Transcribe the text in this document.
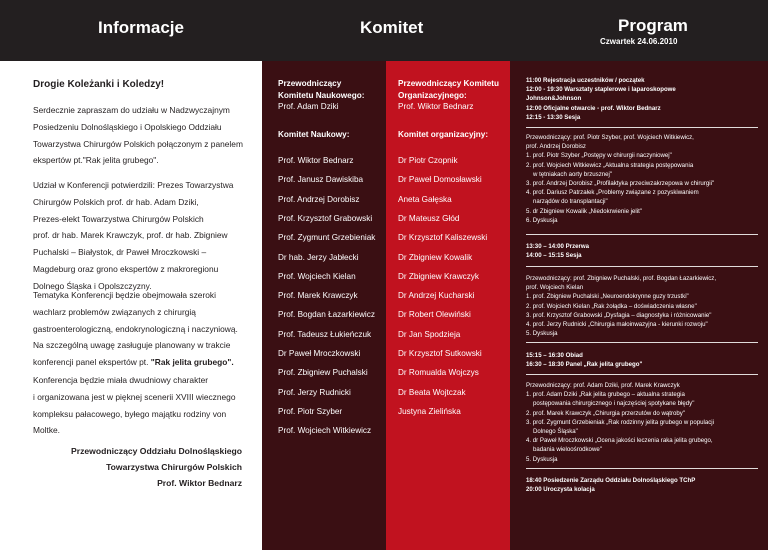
Informacje	Komitet	Program
Czwartek 24.06.2010
Drogie Koleżanki i Koledzy!
Serdecznie zapraszam do udziału w Nadzwyczajnym
Posiedzeniu Dolnośląskiego i Opolskiego Oddziału
Towarzystwa Chirurgów Polskich połączonym z panelem
ekspertów pt."Rak jelita grubego".
Udział w Konferencji potwierdzili: Prezes Towarzystwa
Chirurgów Polskich prof. dr hab. Adam Dziki,
Prezes-elekt Towarzystwa Chirurgów Polskich
prof. dr hab. Marek Krawczyk, prof. dr hab. Zbigniew
Puchalski – Białystok, dr Paweł Mroczkowski –
Magdeburg oraz grono ekspertów z makroregionu
Dolnego Śląska i Opolszczyzny.
Tematyka Konferencji będzie obejmowała szeroki
wachlarz problemów związanych z chirurgią
gastroenterologiczną, endokrynologiczną i naczyniową.
Na szczególną uwagę zasługuje planowany w trakcie
konferencji panel ekspertów pt. "Rak jelita grubego".
Konferencja będzie miała dwudniowy charakter
i organizowana jest w pięknej scenerii XVIII wiecznego
kompleksu pałacowego, byłego majątku rodziny von
Moltke.
Przewodniczący Oddziału Dolnośląskiego
Towarzystwa Chirurgów Polskich
Prof. Wiktor Bednarz
Przewodniczący
Komitetu Naukowego:
Prof. Adam Dziki
Komitet Naukowy:
Prof. Wiktor Bednarz
Prof. Janusz Dawiskiba
Prof. Andrzej Dorobisz
Prof. Krzysztof Grabowski
Prof. Zygmunt Grzebieniak
Dr hab. Jerzy Jabłecki
Prof. Wojciech Kielan
Prof. Marek Krawczyk
Prof. Bogdan Łazarkiewicz
Prof. Tadeusz Łukieńczuk
Dr Paweł Mroczkowski
Prof. Zbigniew Puchalski
Prof. Jerzy Rudnicki
Prof. Piotr Szyber
Prof. Wojciech Witkiewicz
Przewodniczący Komitetu
Organizacyjnego:
Prof. Wiktor Bednarz
Komitet organizacyjny:
Dr Piotr Czopnik
Dr Paweł Domosławski
Aneta Gałęska
Dr Mateusz Głód
Dr Krzysztof Kaliszewski
Dr Zbigniew Kowalik
Dr Zbigniew Krawczyk
Dr Andrzej Kucharski
Dr Robert Olewiński
Dr Jan Spodzieja
Dr Krzysztof Sutkowski
Dr Romualda Wojczys
Dr Beata Wojtczak
Justyna Zielińska
11:00 Rejestracja uczestników / początek
12:00 - 19:30 Warsztaty staplerowe i laparoskopowe
Johnson&Johnson
12:00 Oficjalne otwarcie - prof. Wiktor Bednarz
12:15 - 13:30 Sesja
Przewodniczący: prof. Piotr Szyber, prof. Wojciech Witkiewicz,
prof. Andrzej Dorobisz
1. prof. Piotr Szyber „Postępy w chirurgii naczyniowej"
2. prof. Wojciech Witkiewicz „Aktualna strategia postępowania
w tętniakach aorty brzusznej"
3. prof. Andrzej Dorobisz „Profilaktyka przeciwzakrzepowa w chirurgii"
4. prof. Dariusz Patrzałek „Problemy związane z pozyskiwaniem
narządów do transplantacji"
5. dr Zbigniew Kowalik „Niedokrwienie jelit"
6. Dyskusja
13:30 – 14:00 Przerwa
14:00 – 15:15 Sesja
Przewodniczący: prof. Zbigniew Puchalski, prof. Bogdan Łazarkiewicz,
prof. Wojciech Kielan
1. prof. Zbigniew Puchalski „Neuroendokrynne guzy trzustki"
2. prof. Wojciech Kielan „Rak żołądka – doświadczenia własne"
3. prof. Krzysztof Grabowski „Dysfagia – diagnostyka i różnicowanie"
4. prof. Jerzy Rudnicki „Chirurgia małoinwazyjna - kierunki rozwoju"
5. Dyskusja
15:15 – 16:30 Obiad
16:30 – 18:30 Panel „Rak jelita grubego"
Przewodniczący: prof. Adam Dziki, prof. Marek Krawczyk
1. prof. Adam Dziki „Rak jelita grubego – aktualna strategia
postępowania chirurgicznego i najczęściej spotykane błędy"
2. prof. Marek Krawczyk „Chirurgia przerzutów do wątroby"
3. prof. Zygmunt Grzebieniak „Rak rodzinny jelita grubego w populacji
Dolnego Śląska"
4. dr Paweł Mroczkowski „Ocena jakości leczenia raka jelita grubego,
badania wieloośrodkowe"
5. Dyskusja
18:40 Posiedzenie Zarządu Oddziału Dolnośląskiego TChP
20:00 Uroczysta kolacja
